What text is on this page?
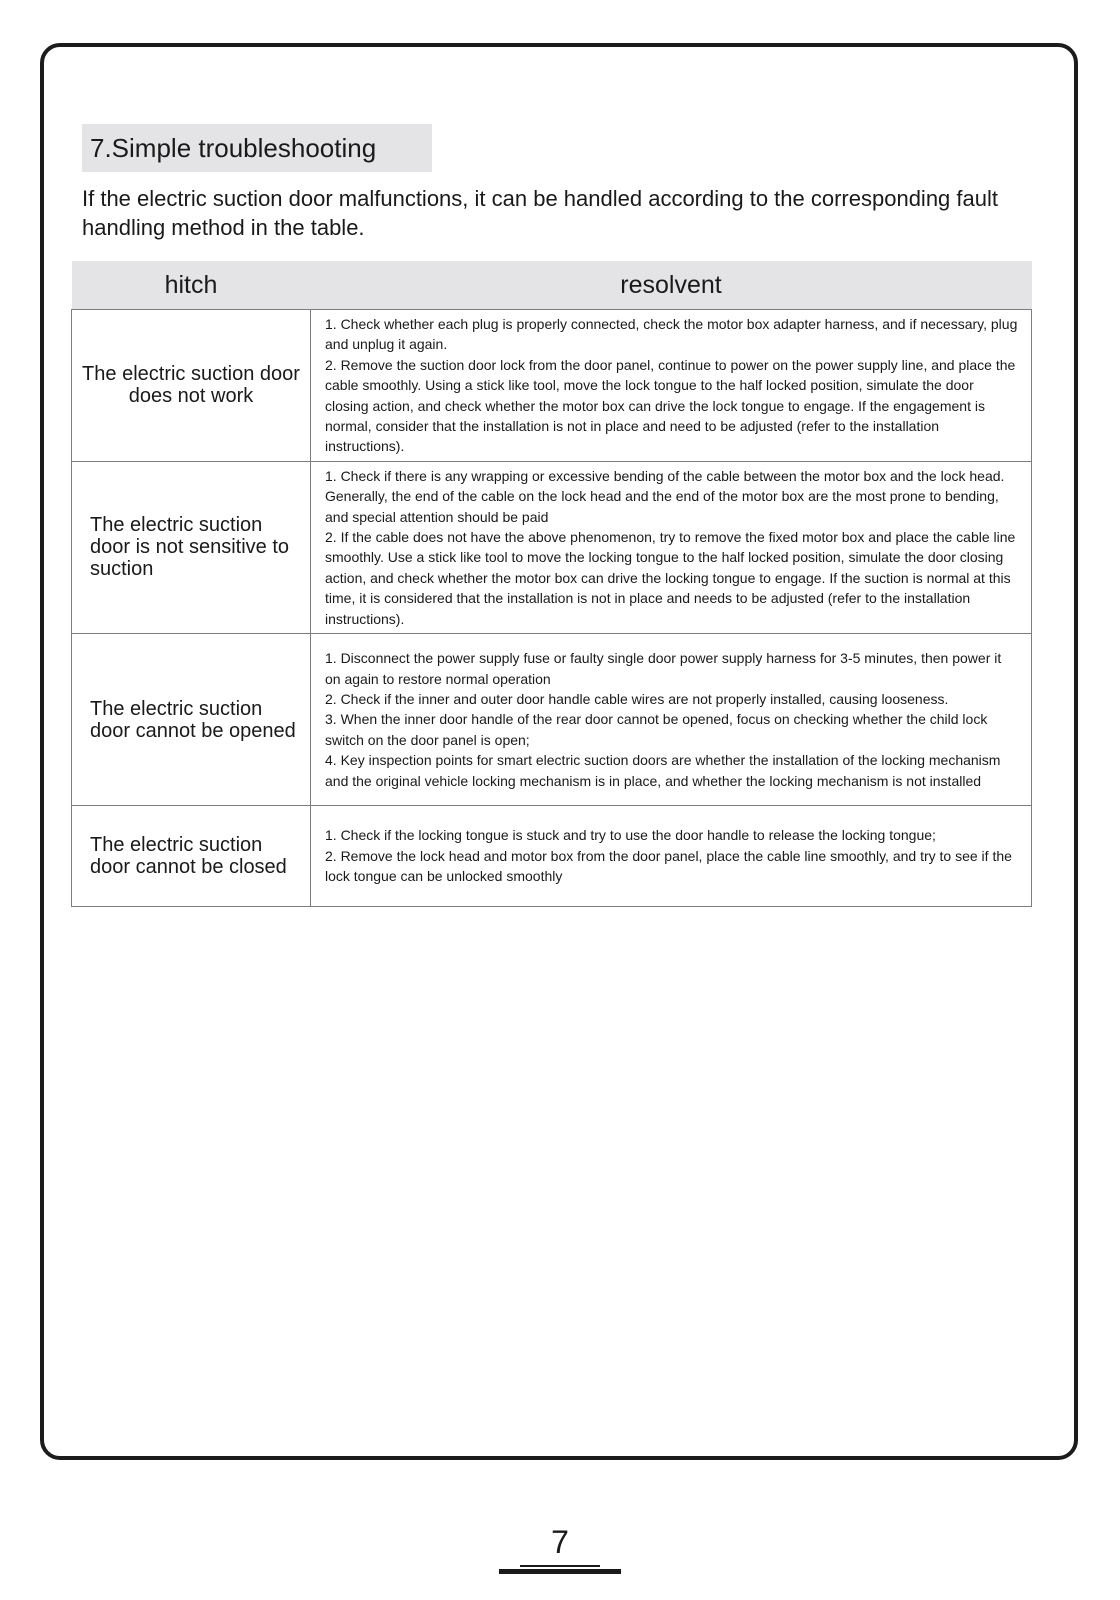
7.Simple troubleshooting
If the electric suction door malfunctions, it can be handled according to the corresponding fault handling method in the table.
hitch	resolvent
The electric suction door does not work	1. Check whether each plug is properly connected, check the motor box adapter harness, and if necessary, plug and unplug it again.
2. Remove the suction door lock from the door panel, continue to power on the power supply line, and place the cable smoothly. Using a stick like tool, move the lock tongue to the half locked position, simulate the door closing action, and check whether the motor box can drive the lock tongue to engage. If the engagement is normal, consider that the installation is not in place and need to be adjusted (refer to the installation instructions).

The electric suction door is not sensitive to suction	1. Check if there is any wrapping or excessive bending of the cable between the motor box and the lock head. Generally, the end of the cable on the lock head and the end of the motor box are the most prone to bending, and special attention should be paid
2. If the cable does not have the above phenomenon, try to remove the fixed motor box and place the cable line smoothly. Use a stick like tool to move the locking tongue to the half locked position, simulate the door closing action, and check whether the motor box can drive the locking tongue to engage. If the suction is normal at this time, it is considered that the installation is not in place and needs to be adjusted (refer to the installation instructions).

The electric suction door cannot be opened	1. Disconnect the power supply fuse or faulty single door power supply harness for 3-5 minutes, then power it on again to restore normal operation
2. Check if the inner and outer door handle cable wires are not properly installed, causing looseness.
3. When the inner door handle of the rear door cannot be opened, focus on checking whether the child lock switch on the door panel is open;
4. Key inspection points for smart electric suction doors are whether the installation of the locking mechanism and the original vehicle locking mechanism is in place, and whether the locking mechanism is not installed

The electric suction door cannot be closed	1. Check if the locking tongue is stuck and try to use the door handle to release the locking tongue;
2. Remove the lock head and motor box from the door panel, place the cable line smoothly, and try to see if the lock tongue can be unlocked smoothly
7
